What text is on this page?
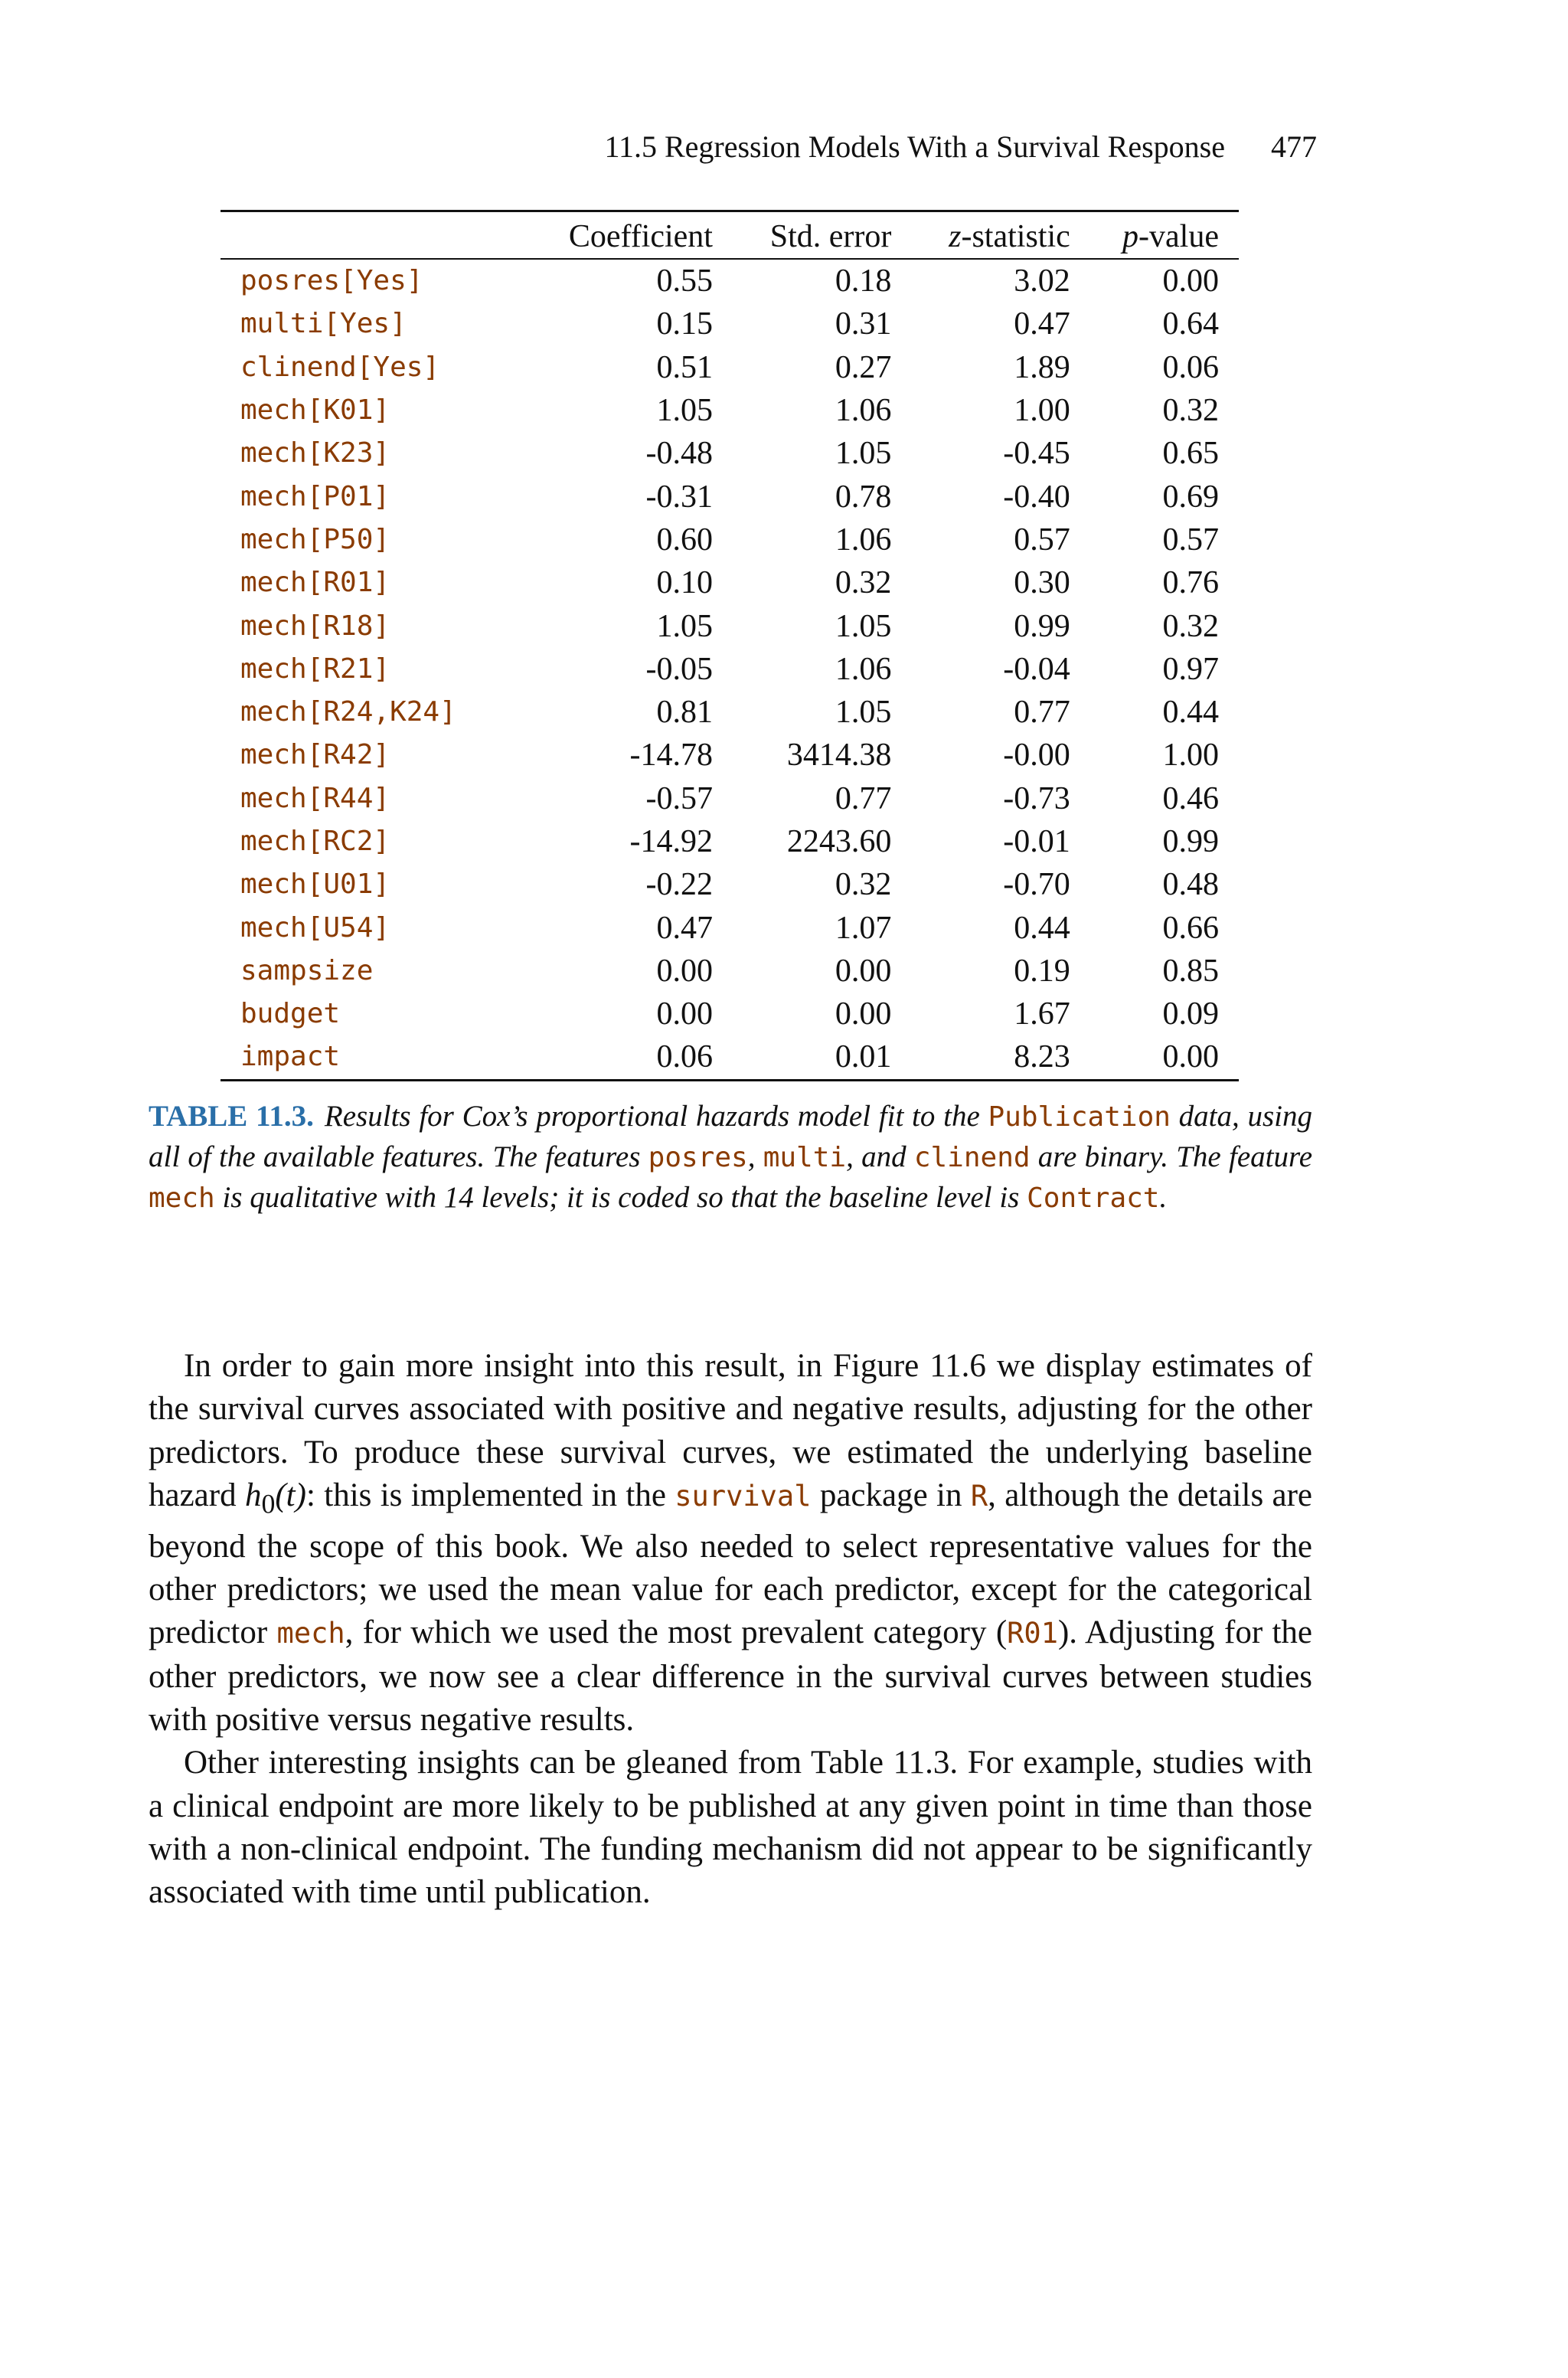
11.5 Regression Models With a Survival Response 477
	Coefficient	Std. error	z-statistic	p-value
posres[Yes]	0.55	0.18	3.02	0.00
multi[Yes]	0.15	0.31	0.47	0.64
clinend[Yes]	0.51	0.27	1.89	0.06
mech[K01]	1.05	1.06	1.00	0.32
mech[K23]	-0.48	1.05	-0.45	0.65
mech[P01]	-0.31	0.78	-0.40	0.69
mech[P50]	0.60	1.06	0.57	0.57
mech[R01]	0.10	0.32	0.30	0.76
mech[R18]	1.05	1.05	0.99	0.32
mech[R21]	-0.05	1.06	-0.04	0.97
mech[R24,K24]	0.81	1.05	0.77	0.44
mech[R42]	-14.78	3414.38	-0.00	1.00
mech[R44]	-0.57	0.77	-0.73	0.46
mech[RC2]	-14.92	2243.60	-0.01	0.99
mech[U01]	-0.22	0.32	-0.70	0.48
mech[U54]	0.47	1.07	0.44	0.66
sampsize	0.00	0.00	0.19	0.85
budget	0.00	0.00	1.67	0.09
impact	0.06	0.01	8.23	0.00
TABLE 11.3. Results for Cox’s proportional hazards model fit to the Publication data, using all of the available features. The features posres, multi, and clinend are binary. The feature mech is qualitative with 14 levels; it is coded so that the baseline level is Contract.

In order to gain more insight into this result, in Figure 11.6 we display estimates of the survival curves associated with positive and negative results, adjusting for the other predictors. To produce these survival curves, we estimated the underlying baseline hazard $h_0(t)$: this is implemented in the survival package in R, although the details are beyond the scope of this book. We also needed to select representative values for the other predictors; we used the mean value for each predictor, except for the categorical predictor mech, for which we used the most prevalent category (R01). Adjusting for the other predictors, we now see a clear difference in the survival curves between studies with positive versus negative results.

Other interesting insights can be gleaned from Table 11.3. For example, studies with a clinical endpoint are more likely to be published at any given point in time than those with a non-clinical endpoint. The funding mechanism did not appear to be significantly associated with time until publication.
